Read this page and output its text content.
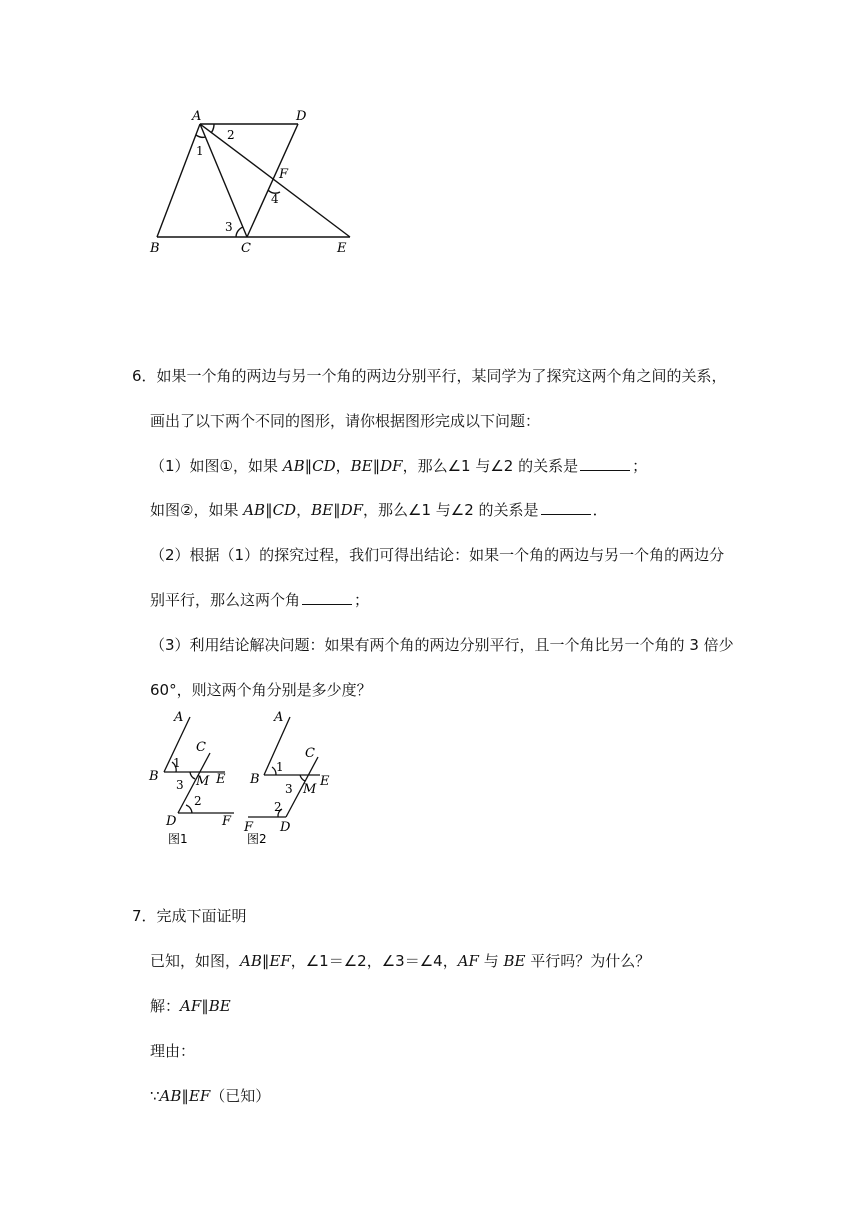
A	D
F
B	C	E
1
2
3
4
6．如果一个角的两边与另一个角的两边分别平行，某同学为了探究这两个角之间的关系，
画出了以下两个不同的图形，请你根据图形完成以下问题：
（1）如图①，如果 AB∥CD，BE∥DF，那么∠1 与∠2 的关系是	；
如图②，如果 AB∥CD，BE∥DF，那么∠1 与∠2 的关系是	．
（2）根据（1）的探究过程，我们可得出结论：如果一个角的两边与另一个角的两边分
别平行，那么这两个角	；
（3）利用结论解决问题：如果有两个角的两边分别平行，且一个角比另一个角的 3 倍少
60°，则这两个角分别是多少度？
A
B
C
M E
D	F
1
2
3
图1
A
B
C
M
E
D
F
1
2
3
图2
7．完成下面证明
已知，如图，AB∥EF，∠1＝∠2，∠3＝∠4，AF 与 BE 平行吗？为什么？
解：AF∥BE
理由：
∵AB∥EF（已知）
